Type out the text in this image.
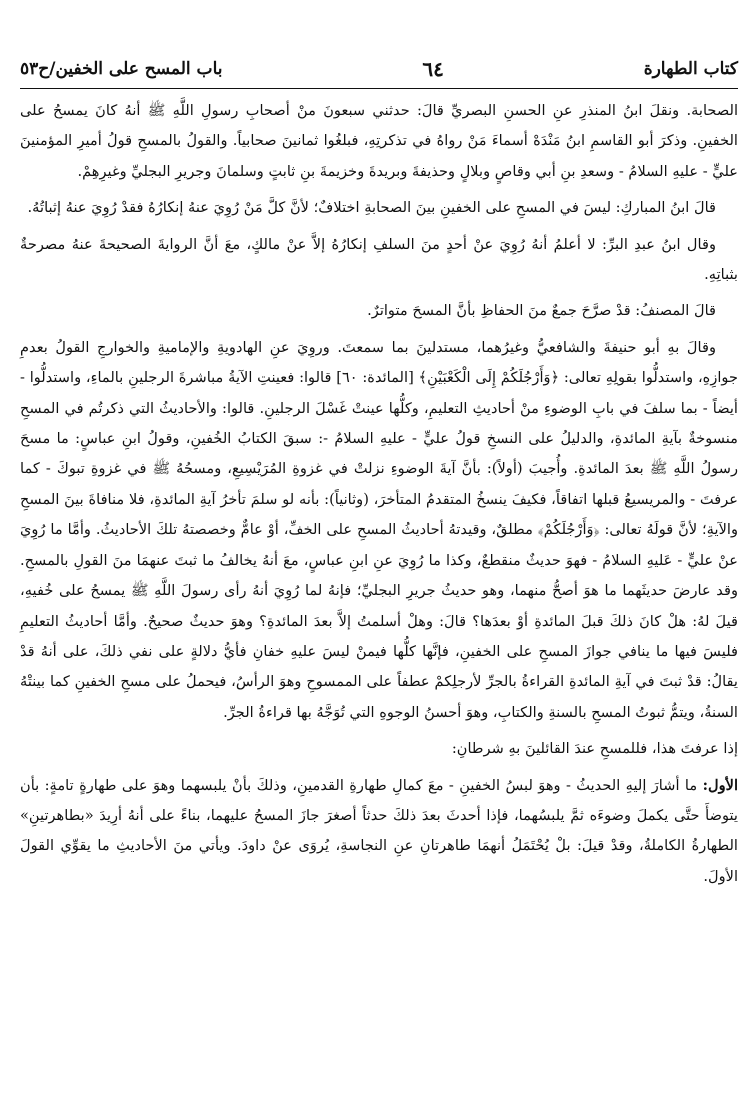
كتاب الطهارة
٦٤
باب المسح على الخفين/ح٥٣

الصحابة. ونقلَ ابنُ المنذرِ عنِ الحسنِ البصريِّ قالَ: حدثني سبعونَ منْ أصحابِ رسولِ اللَّهِ ﷺ أنهُ كانَ يمسحُ على الخفينِ. وذكرَ أبو القاسمِ ابنُ مَنْدَهْ أسماءَ مَنْ رواهُ في تذكرتِهِ، فبلغُوا ثمانينَ صحابياً. والقولُ بالمسحِ قولُ أميرِ المؤمنينَ عليٍّ - عليهِ السلامُ - وسعدِ بنِ أبي وقاصٍ وبلالٍ وحذيفةَ وبريدةَ وخزيمةَ بنِ ثابتٍ وسلمانَ وجريرِ البجليِّ وغيرِهِمْ.

قالَ ابنُ المباركِ: ليسَ في المسحِ على الخفينِ بينَ الصحابةِ اختلافٌ؛ لأنَّ كلَّ مَنْ رُوِيَ عنهُ إنكارُهُ فقدْ رُوِيَ عنهُ إثباتُهُ.

وقال ابنُ عبدِ البرِّ: لا أعلمُ أنهُ رُوِيَ عنْ أحدٍ منَ السلفِ إنكارُهُ إلاَّ عنْ مالكٍ، معَ أنَّ الروايةَ الصحيحةَ عنهُ مصرحةٌ بثباتِهِ.

قالَ المصنفُ: قدْ صرَّحَ جمعٌ منَ الحفاظِ بأنَّ المسحَ متواترٌ.

وقالَ بهِ أبو حنيفةَ والشافعيُّ وغيرُهما، مستدلينَ بما سمعتَ. وروِيَ عنِ الهادويةِ والإماميةِ والخوارجِ القولُ بعدمِ جوازِهِ، واستدلُّوا بقولِهِ تعالى: ﴿وَأَرْجُلَكُمْ إِلَى الْكَعْبَيْنِ﴾ [المائدة: ٦٠] قالوا: فعينتِ الآيةُ مباشرةَ الرجلينِ بالماءِ، واستدلُّوا - أيضاً - بما سلفَ في بابِ الوضوءِ منْ أحاديثِ التعليمِ، وكلُّها عينتْ غَسْلَ الرجلينِ. قالوا: والأحاديثُ التي ذكرتُم في المسحِ منسوخةٌ بآيةِ المائدةِ، والدليلُ على النسخِ قولُ عليٍّ - عليهِ السلامُ -: سبقَ الكتابُ الخُفينِ، وقولُ ابنِ عباسٍ: ما مسحَ رسولُ اللَّهِ ﷺ بعدَ المائدةِ. وأُجيبَ (أولاً): بأنَّ آيةَ الوضوءِ نزلتْ في غزوةِ المُرَيْسِيعِ، ومسحُهُ ﷺ في غزوةِ تبوكَ - كما عرفتَ - والمريسيعُ قبلها اتفاقاً، فكيفَ ينسخُ المتقدمُ المتأخرَ، (وثانياً): بأنه لو سلمَ تأخرُ آيةِ المائدةِ، فلا منافاةَ بينَ المسحِ والآيةِ؛ لأنَّ قولَهُ تعالى: ﴿وَأَرْجُلَكُمْ﴾ مطلقٌ، وقيدتهُ أحاديثُ المسحِ على الخفِّ، أوْ عامٌّ وخصصتهُ تلكَ الأحاديثُ. وأمَّا ما رُوِيَ عنْ عليٍّ - عَليهِ السلامُ - فهوَ حديثٌ منقطعٌ، وكذا ما رُوِيَ عنِ ابنِ عباسٍ، معَ أنهُ يخالفُ ما ثبتَ عنهمَا منَ القولِ بالمسحِ. وقد عارضَ حديثَهما ما هوَ أصحُّ منهما، وهو حديثُ جريرِ البجليِّ؛ فإنهُ لما رُوِيَ أنهُ رأى رسولَ اللَّهِ ﷺ يمسحُ على خُفيهِ، قيلَ لهُ: هلْ كانَ ذلكَ قبلَ المائدةِ أوْ بعدَها؟ قالَ: وهلْ أسلمتُ إلاَّ بعدَ المائدةِ؟ وهوَ حديثٌ صحيحٌ. وأمَّا أحاديثُ التعليمِ فليسَ فيها ما ينافي جوازَ المسحِ على الخفينِ، فإنَّها كلُّها فيمنْ ليسَ عليهِ خفانِ فأيُّ دلالةٍ على نفي ذلكَ، على أنهُ قدْ يقالُ: قدْ ثبتَ في آيةِ المائدةِ القراءةُ بالجرِّ لأرجلِكمْ عطفاً على الممسوحِ وهوَ الرأسُ، فيحملُ على مسحِ الخفينِ كما بينتْهُ السنةُ، ويتمُّ ثبوتُ المسحِ بالسنةِ والكتابِ، وهوَ أحسنُ الوجوهِ التي تُوَجَّهُ بها قراءةُ الجرِّ.

إذا عرفتَ هذا، فللمسحِ عندَ القائلينَ بهِ شرطانِ:

الأول: ما أشارَ إليهِ الحديثُ - وهوَ لبسُ الخفينِ - معَ كمالِ طهارةِ القدمينِ، وذلكَ بأنْ يلبسهما وهوَ على طهارةٍ تامةٍ: بأن يتوضأَ حتَّى يكملَ وضوءَه ثمَّ يلبسُهما، فإذا أحدثَ بعدَ ذلكَ حدثاً أصغرَ جازَ المسحُ عليهما، بناءً على أنهُ أرِيدَ «بطاهرتينِ» الطهارةُ الكاملةُ، وقدْ قيلَ: بلْ يُحْتَمَلُ أنهمَا طاهرتانِ عنِ النجاسةِ، يُروَى عنْ داودَ. ويأتي منَ الأحاديثِ ما يقوِّي القولَ الأولَ.
